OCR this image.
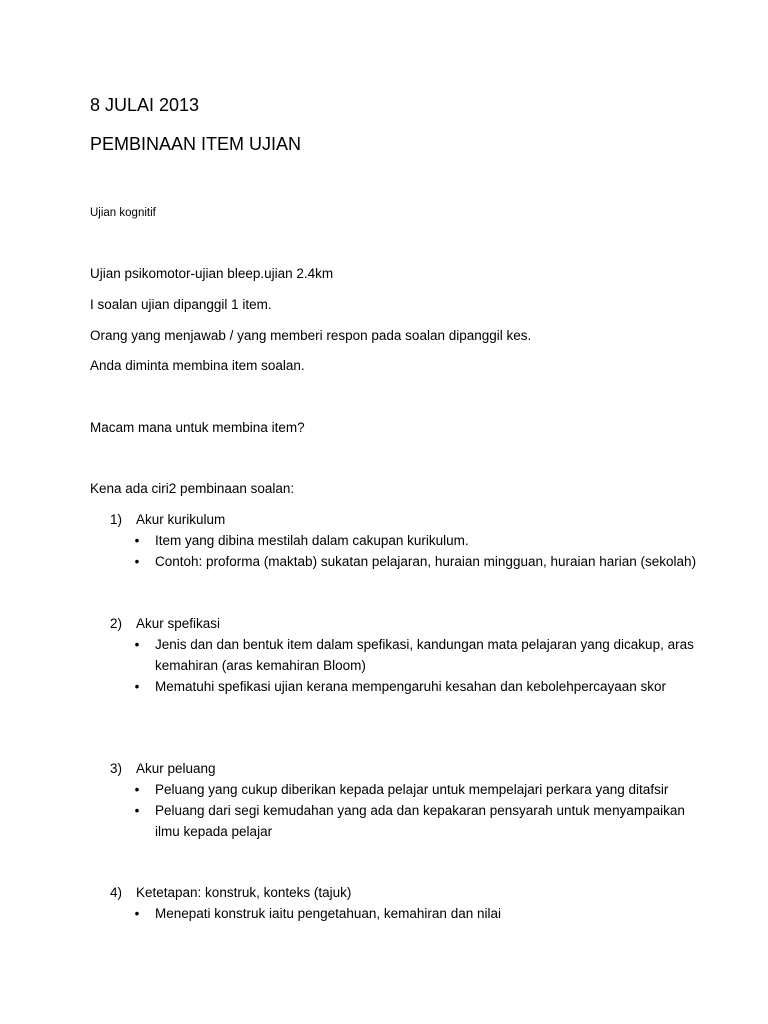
8 JULAI 2013
PEMBINAAN ITEM UJIAN
Ujian kognitif
Ujian psikomotor-ujian bleep.ujian 2.4km
I soalan ujian dipanggil 1 item.
Orang yang menjawab / yang memberi respon pada soalan dipanggil kes.
Anda diminta membina item soalan.
Macam mana untuk membina item?
Kena ada ciri2 pembinaan soalan:
1)	Akur kurikulum
• Item yang dibina mestilah dalam cakupan kurikulum.
• Contoh: proforma (maktab) sukatan pelajaran, huraian mingguan, huraian harian (sekolah)
2)	Akur spefikasi
• Jenis dan dan bentuk item dalam spefikasi, kandungan mata pelajaran yang dicakup, aras kemahiran (aras kemahiran Bloom)
• Mematuhi spefikasi ujian kerana mempengaruhi kesahan dan kebolehpercayaan skor
3)	Akur peluang
• Peluang yang cukup diberikan kepada pelajar untuk mempelajari perkara yang ditafsir
• Peluang dari segi kemudahan yang ada dan kepakaran pensyarah untuk menyampaikan ilmu kepada pelajar
4)	Ketetapan: konstruk, konteks (tajuk)
• Menepati konstruk iaitu pengetahuan, kemahiran dan nilai
